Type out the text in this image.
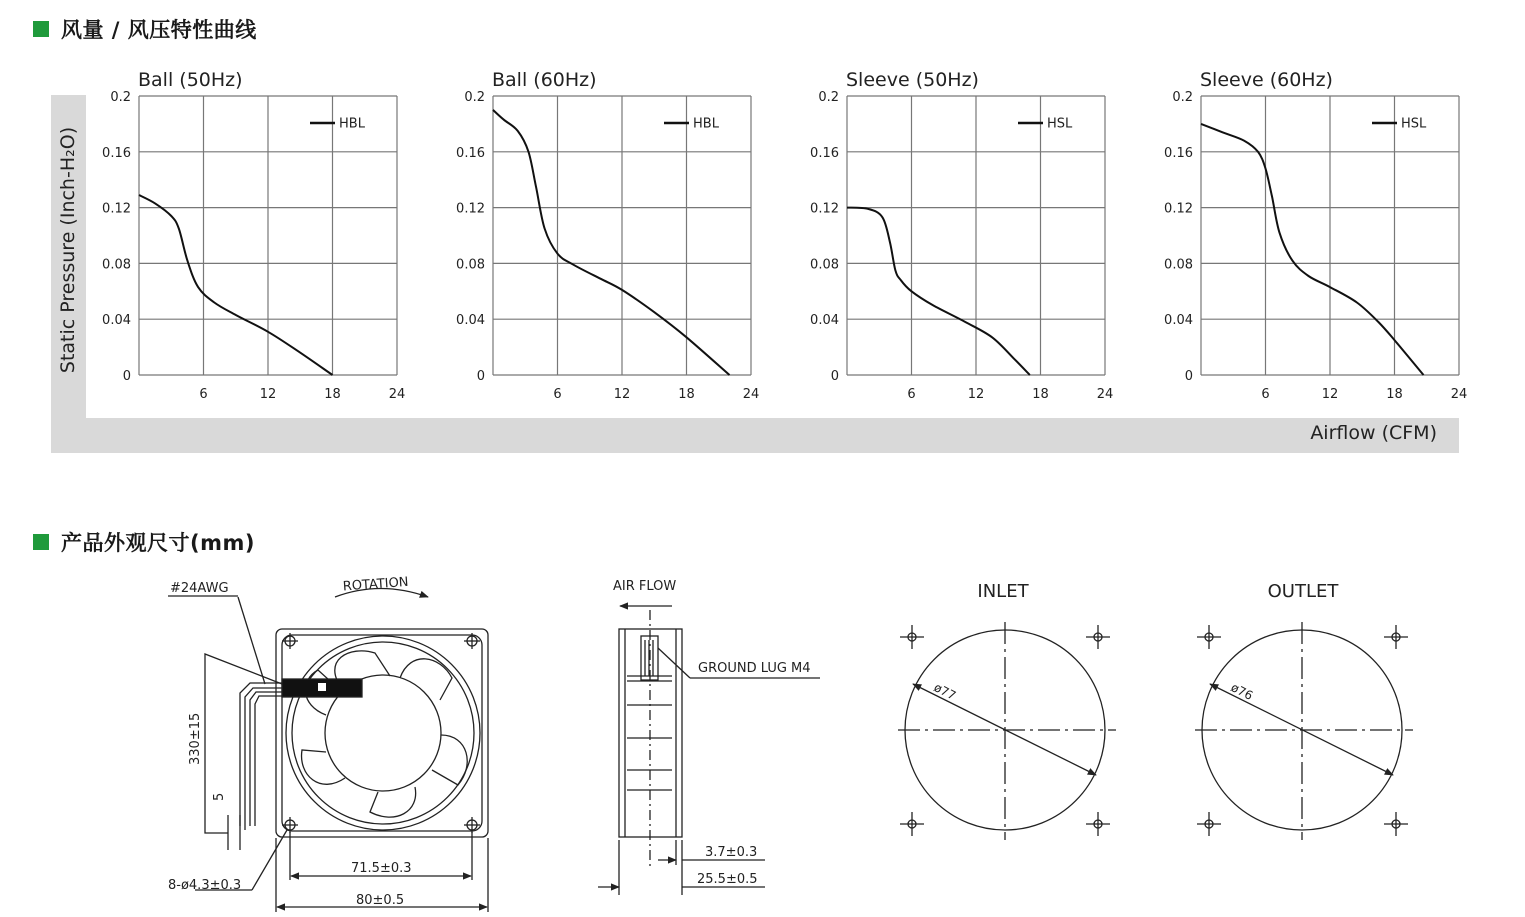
风量 / 风压特性曲线
Static Pressure (Inch-H₂O)
Airflow (CFM)
Ball (50Hz)
0.2
0.16
0.12
0.08
0.04
0
6	12	18	24
HBL
Ball (60Hz)
0.2
0.16
0.12
0.08
0.04
0
6	12	18	24
HBL
Sleeve (50Hz)
0.2
0.16
0.12
0.08
0.04
0
6	12	18	24
HSL
Sleeve (60Hz)
0.2
0.16
0.12
0.08
0.04
0
6	12	18	24
HSL
产品外观尺寸(mm)
#24AWG	ROTATION
330±15
5
8-ø4.3±0.3
71.5±0.3
80±0.5
AIR FLOW
GROUND LUG M4
3.7±0.3
25.5±0.5
INLET
ø77
OUTLET
ø76
